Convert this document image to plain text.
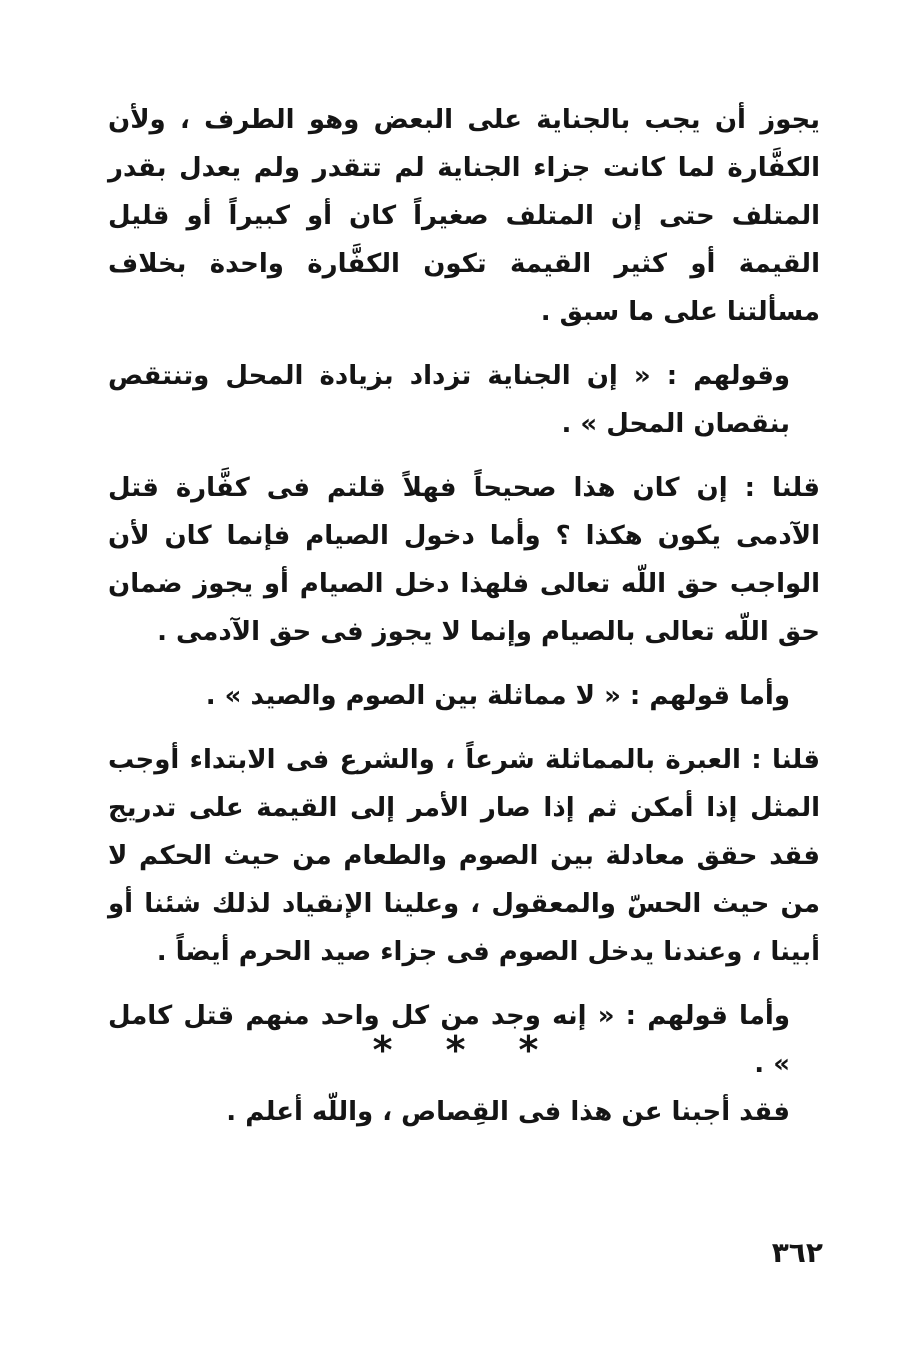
يجوز أن يجب بالجناية على البعض وهو الطرف ، ولأن الكفَّارة لما كانت جزاء الجناية لم تتقدر ولم يعدل بقدر المتلف حتى إن المتلف صغيراً كان أو كبيراً أو قليل القيمة أو كثير القيمة تكون الكفَّارة واحدة بخلاف مسألتنا على ما سبق .

وقولهم : « إن الجناية تزداد بزيادة المحل وتنتقص بنقصان المحل » .

قلنا : إن كان هذا صحيحاً فهلاً قلتم فى كفَّارة قتل الآدمى يكون هكذا ؟ وأما دخول الصيام فإنما كان لأن الواجب حق اللّه تعالى فلهذا دخل الصيام أو يجوز ضمان حق اللّه تعالى بالصيام وإنما لا يجوز فى حق الآدمى .

وأما قولهم : « لا مماثلة بين الصوم والصيد » .

قلنا : العبرة بالمماثلة شرعاً ، والشرع فى الابتداء أوجب المثل إذا أمكن ثم إذا صار الأمر إلى القيمة على تدريج فقد حقق معادلة بين الصوم والطعام من حيث الحكم لا من حيث الحسّ والمعقول ، وعلينا الإنقياد لذلك شئنا أو أبينا ، وعندنا يدخل الصوم فى جزاء صيد الحرم أيضاً .

وأما قولهم : « إنه وجد من كل واحد منهم قتل كامل » .

فقد أجبنا عن هذا فى القِصاص ، واللّه أعلم .

* * *
٣٦٢
